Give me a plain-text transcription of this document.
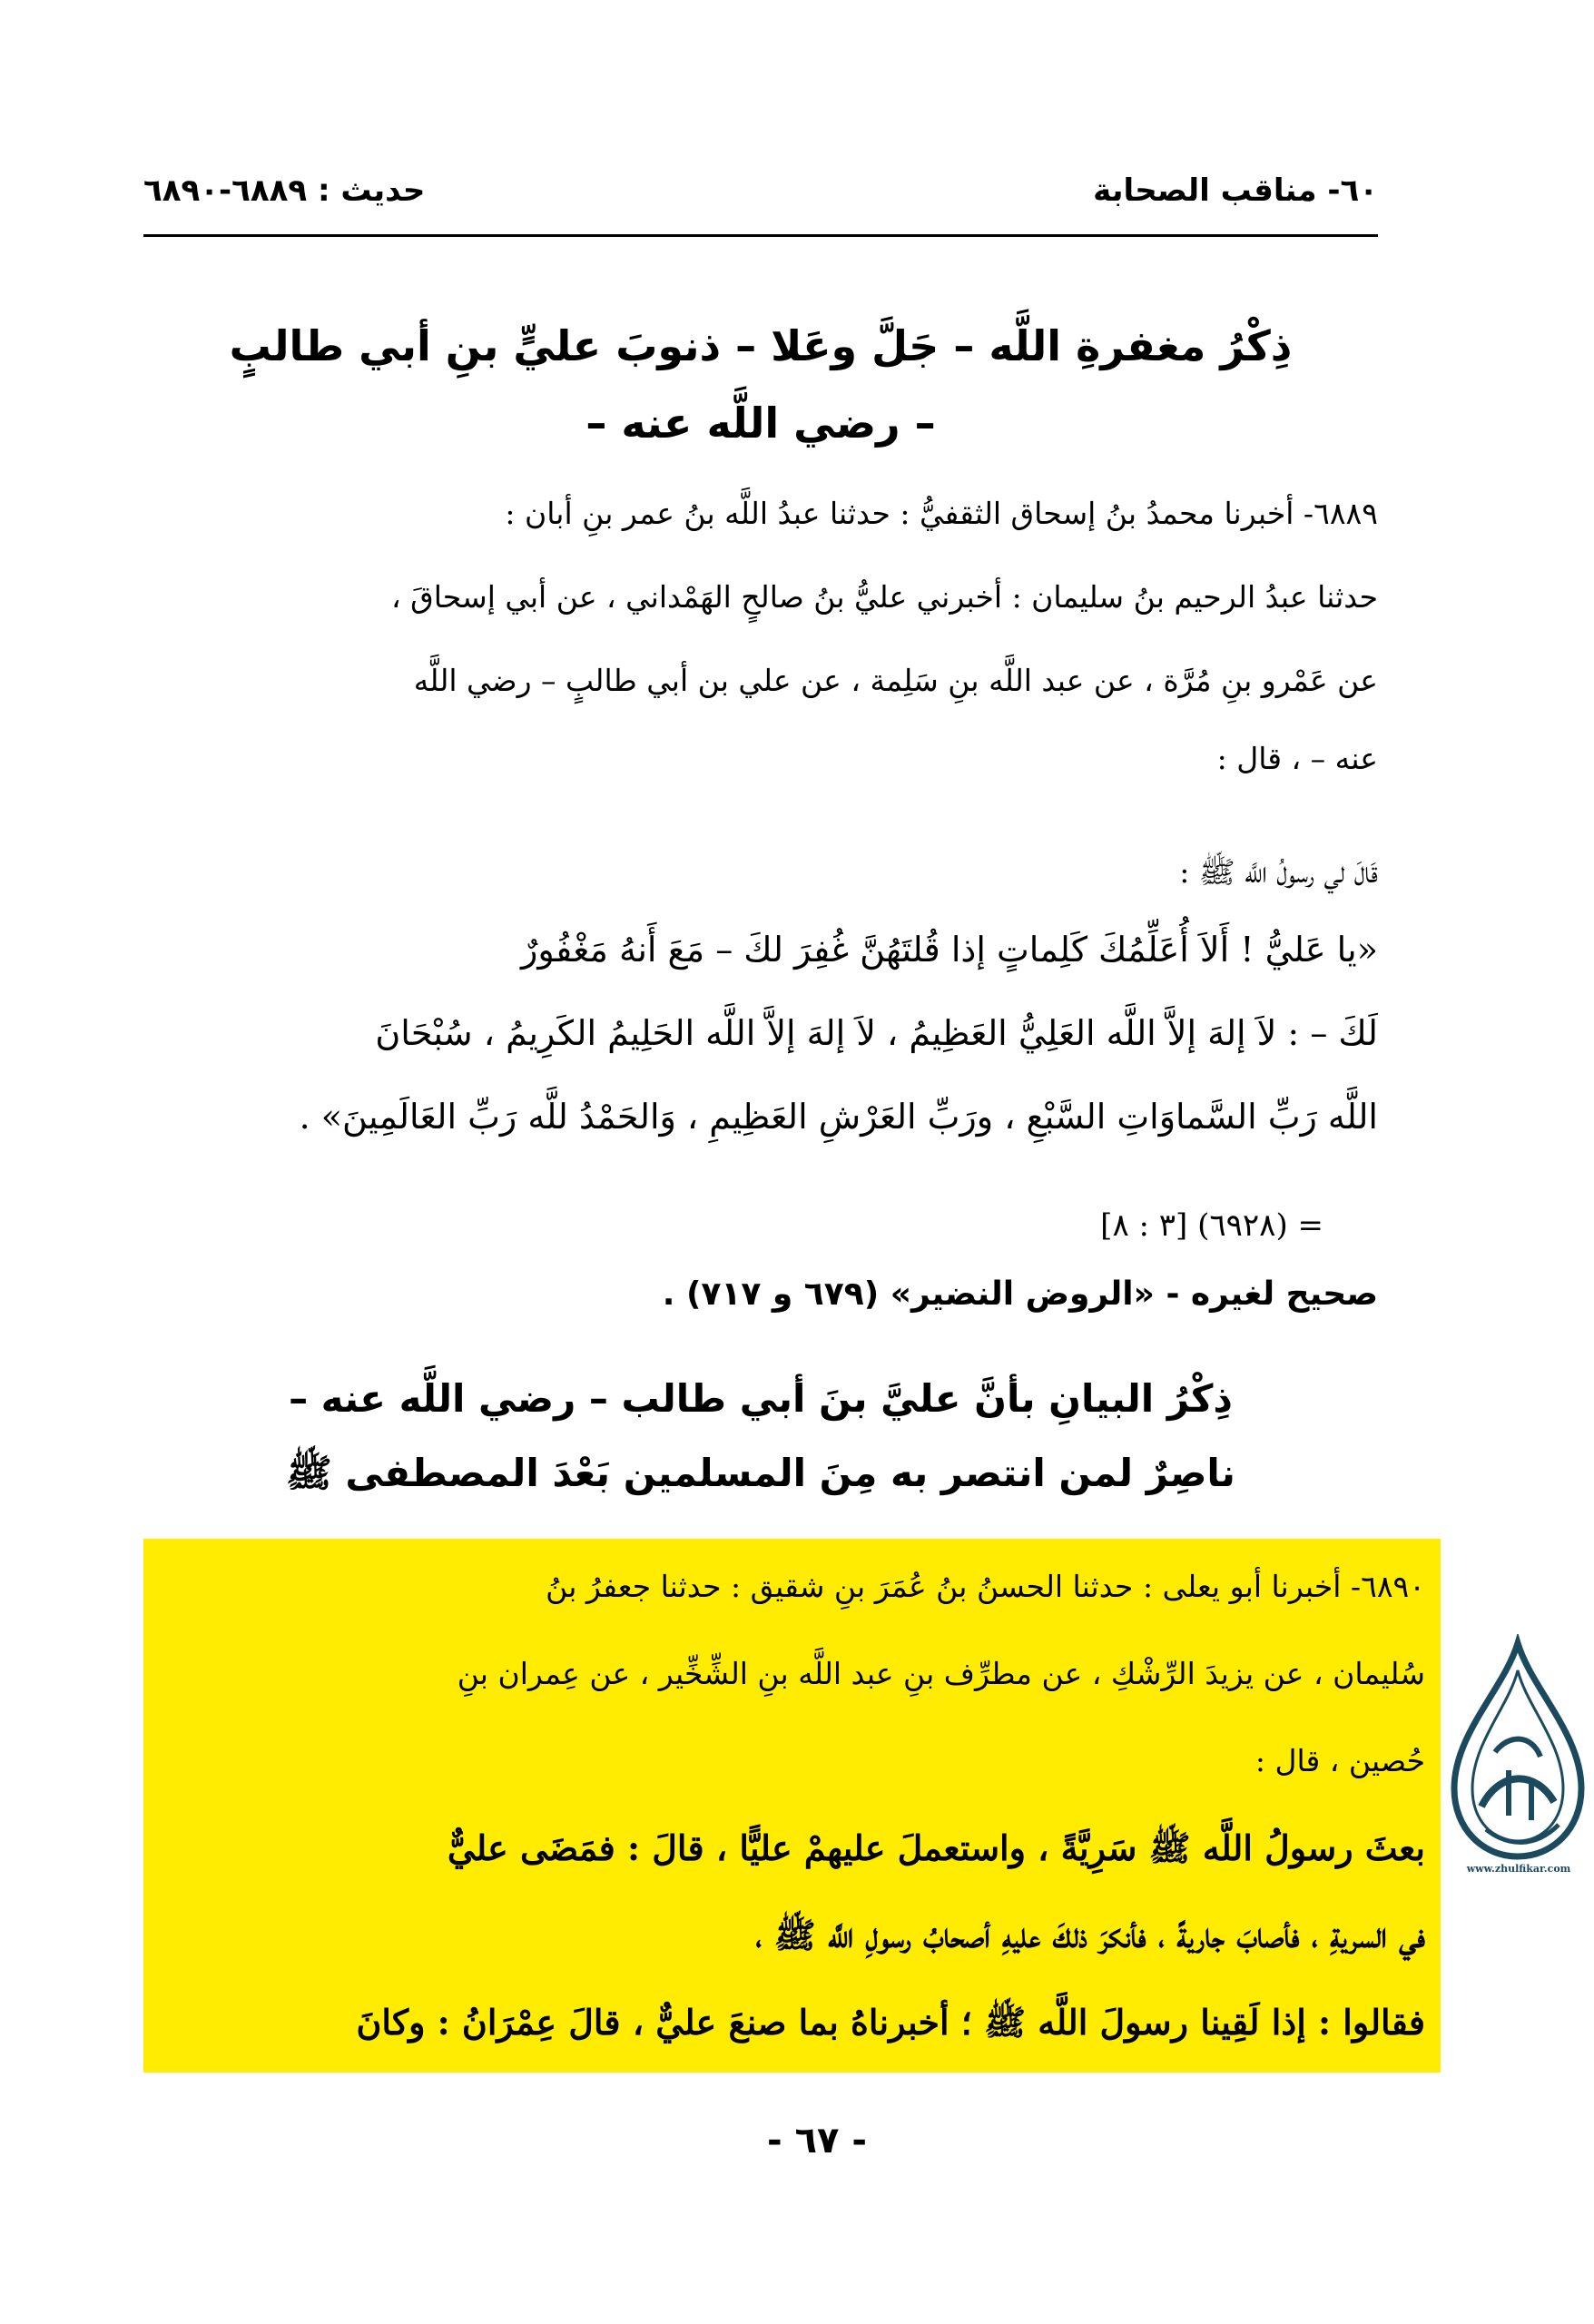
٦٠- مناقب الصحابة
حديث : ٦٨٨٩-٦٨٩٠
ذِكْرُ مغفرةِ اللَّه – جَلَّ وعَلا – ذنوبَ عليٍّ بنِ أبي طالبٍ
– رضي اللَّه عنه –
٦٨٨٩- أخبرنا محمدُ بنُ إسحاق الثقفيُّ : حدثنا عبدُ اللَّه بنُ عمر بنِ أبان :
حدثنا عبدُ الرحيم بنُ سليمان : أخبرني عليُّ بنُ صالحٍ الهَمْداني ، عن أبي إسحاقَ ،
عن عَمْرو بنِ مُرَّة ، عن عبد اللَّه بنِ سَلِمة ، عن علي بن أبي طالبٍ – رضي اللَّه
عنه – ، قال :
قَالَ لي رسولُ اللَّه ﷺ :
«يا عَليُّ ! أَلاَ أُعَلِّمُكَ كَلِماتٍ إذا قُلتَهُنَّ غُفِرَ لكَ – مَعَ أَنهُ مَغْفُورٌ
لَكَ – : لاَ إلهَ إلاَّ اللَّه العَلِيُّ العَظِيمُ ، لاَ إلهَ إلاَّ اللَّه الحَلِيمُ الكَرِيمُ ، سُبْحَانَ
اللَّه رَبِّ السَّماوَاتِ السَّبْعِ ، ورَبِّ العَرْشِ العَظِيمِ ، وَالحَمْدُ للَّه رَبِّ العَالَمِينَ» .
= (٦٩٢٨) [٣ : ٨]
صحيح لغيره - «الروض النضير» (٦٧٩ و ٧١٧) .
ذِكْرُ البيانِ بأنَّ عليَّ بنَ أبي طالب – رضي اللَّه عنه –
ناصِرٌ لمن انتصر به مِنَ المسلمين بَعْدَ المصطفى ﷺ
٦٨٩٠- أخبرنا أبو يعلى : حدثنا الحسنُ بنُ عُمَرَ بنِ شقيق : حدثنا جعفرُ بنُ
سُليمان ، عن يزيدَ الرِّشْكِ ، عن مطرِّف بنِ عبد اللَّه بنِ الشِّخِّير ، عن عِمران بنِ
حُصين ، قال :
بعثَ رسولُ اللَّه ﷺ سَرِيَّةً ، واستعملَ عليهمْ عليًّا ، قالَ : فمَضَى عليٌّ
في السريةِ ، فأصابَ جاريةً ، فأنكرَ ذلكَ عليهِ أصحابُ رسولِ اللَّه ﷺ ،
فقالوا : إذا لَقِينا رسولَ اللَّه ﷺ ؛ أخبرناهُ بما صنعَ عليٌّ ، قالَ عِمْرَانُ : وكانَ
www.zhulfikar.com
- ٦٧ -
